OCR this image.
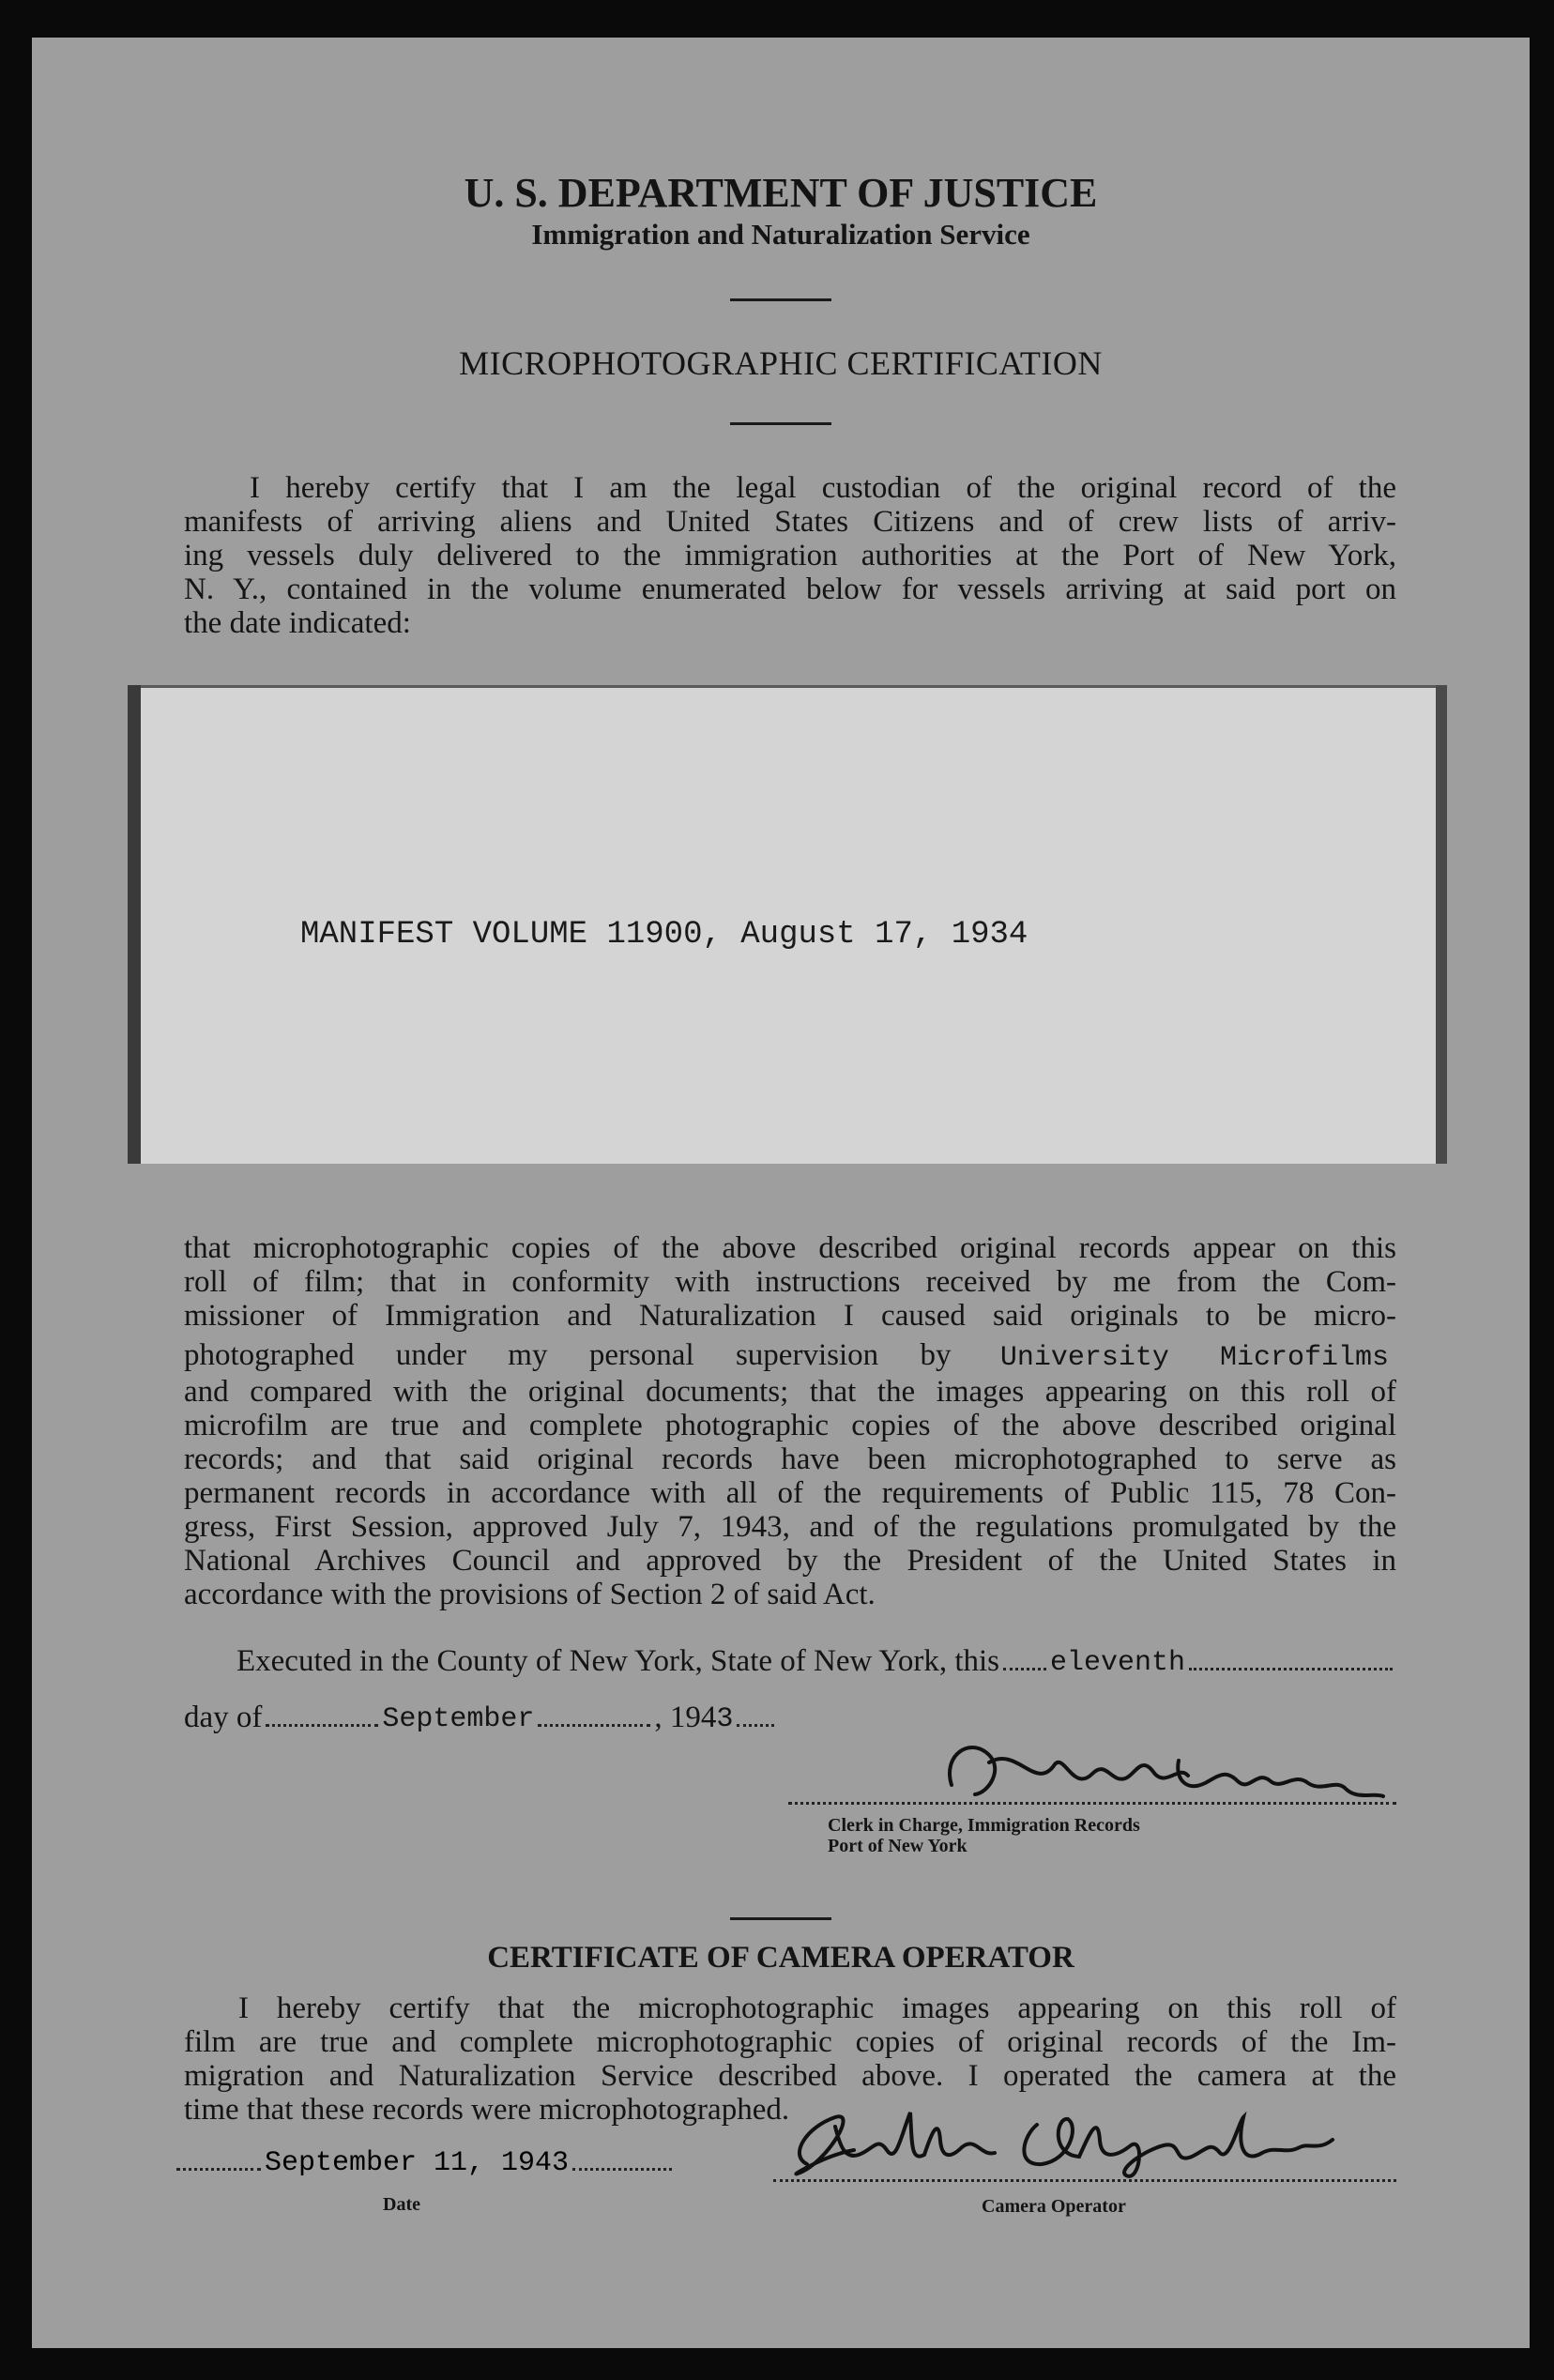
U. S. DEPARTMENT OF JUSTICE
Immigration and Naturalization Service
MICROPHOTOGRAPHIC CERTIFICATION
I hereby certify that I am the legal custodian of the original record of the
manifests of arriving aliens and United States Citizens and of crew lists of arriv-
ing vessels duly delivered to the immigration authorities at the Port of New York,
N. Y., contained in the volume enumerated below for vessels arriving at said port on
the date indicated:
MANIFEST VOLUME 11900, August 17, 1934
that microphotographic copies of the above described original records appear on this
roll of film; that in conformity with instructions received by me from the Com-
missioner of Immigration and Naturalization I caused said originals to be micro-
photographed under my personal supervision by University Microfilms
and compared with the original documents; that the images appearing on this roll of
microfilm are true and complete photographic copies of the above described original
records; and that said original records have been microphotographed to serve as
permanent records in accordance with all of the requirements of Public 115, 78 Con-
gress, First Session, approved July 7, 1943, and of the regulations promulgated by the
National Archives Council and approved by the President of the United States in
accordance with the provisions of Section 2 of said Act.
Executed in the County of New York, State of New York, this eleventh
day of	September	, 194 3
Clerk in Charge, Immigration Records
Port of New York
CERTIFICATE OF CAMERA OPERATOR
I hereby certify that the microphotographic images appearing on this roll of
film are true and complete microphotographic copies of original records of the Im-
migration and Naturalization Service described above. I operated the camera at the
time that these records were microphotographed.
September 11, 1943
Date	Camera Operator
